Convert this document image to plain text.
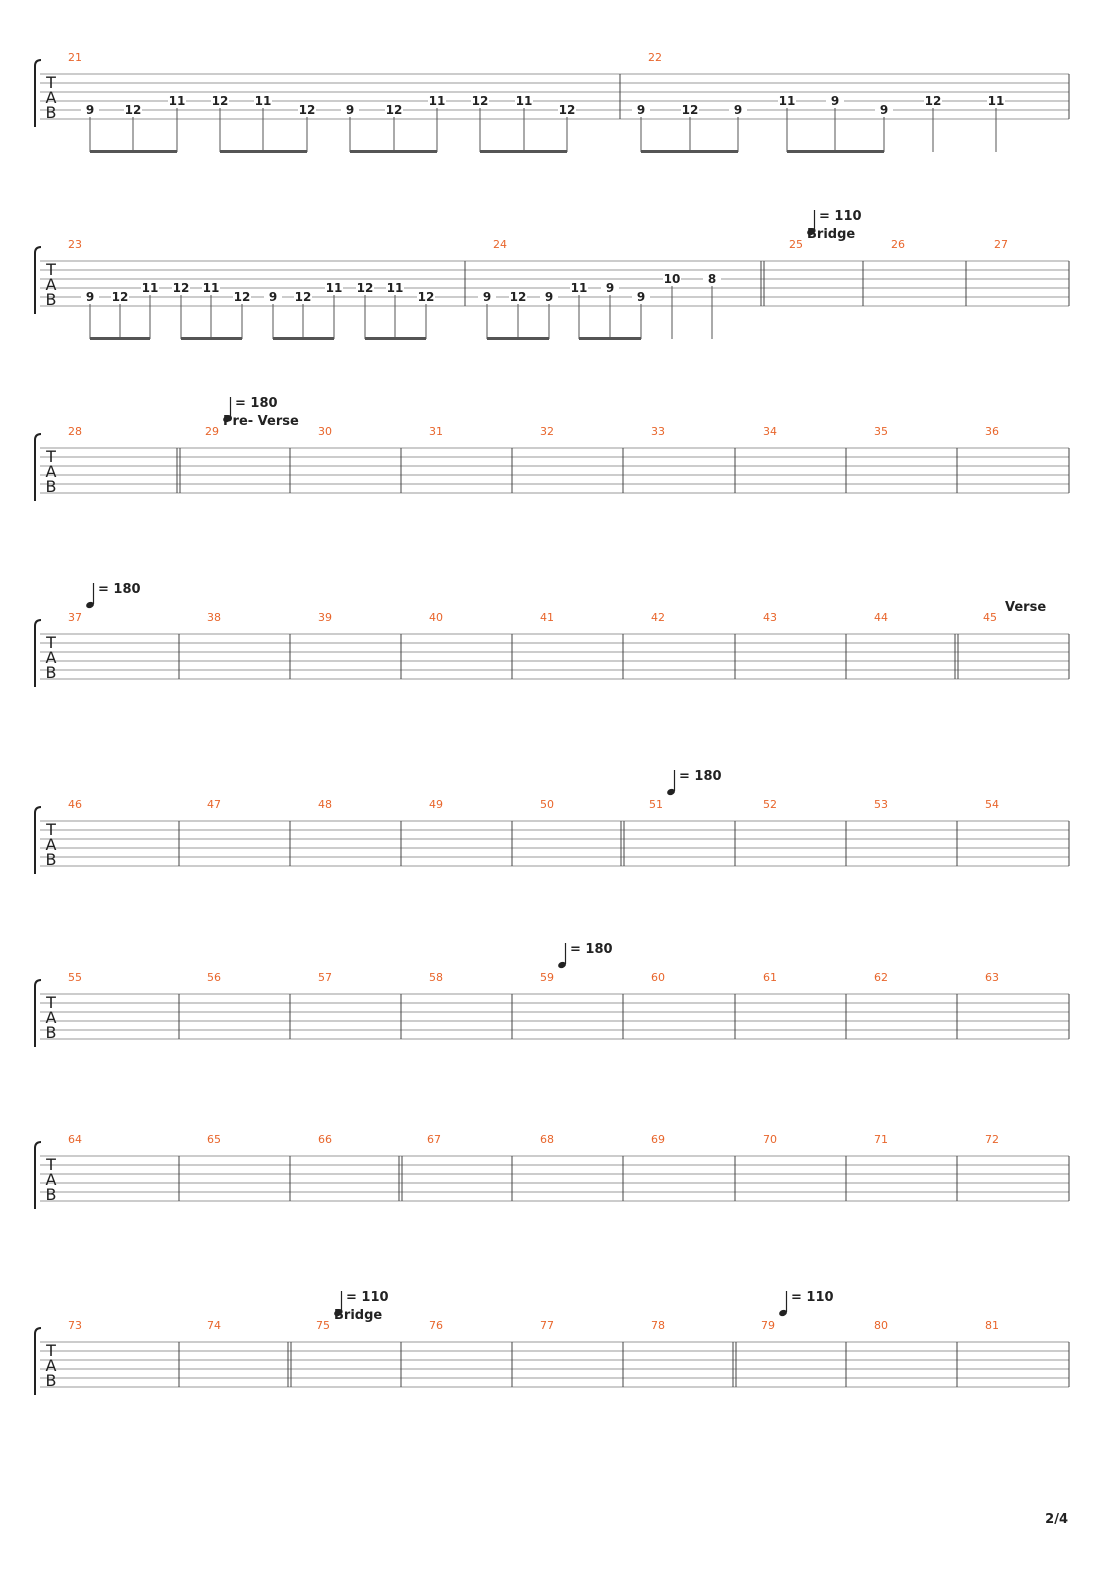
2/4
T
A
B
21
9	12
11 12 11
12	9	12
11 12 11
12
22
9	12	9
11	9
9
12	11
T
A
B
23
9 12
11 12 11
12 9 12
11 12 11
12
24
9 12 9
11 9
9
10 8
25	26	27
= 110
Bridge
T
A
B
28	29	30	31	32	33	34	35	36
= 180
Pre- Verse
T
A
B
37	38	39	40	41	42	43	44	45
= 180
Verse
T
A
B
46	47	48	49	50	51	52	53	54
= 180
T
A
B
55	56	57	58	59	60	61	62	63
= 180
T
A
B
64	65	66	67	68	69	70	71	72
T
A
B
73	74	75	76	77	78	79	80	81
= 110
Bridge
= 110
